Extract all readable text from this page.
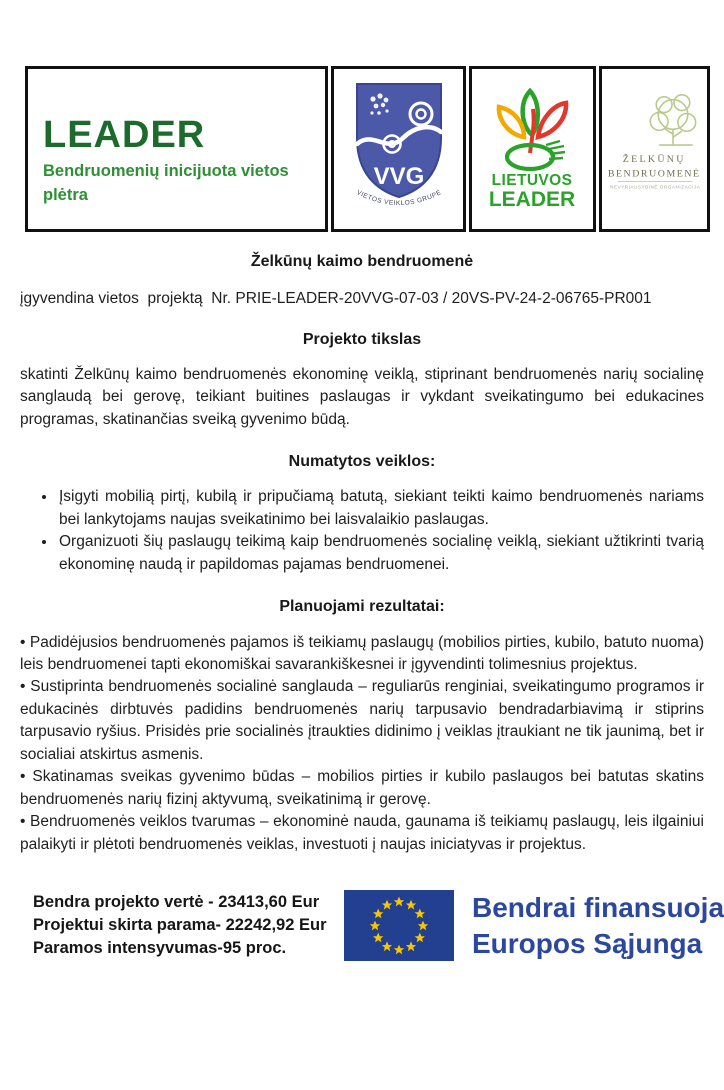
LEADER
Bendruomenių inicijuota vietos plėtra
VVG
VIETOS VEIKLOS GRUPĖ
LIETUVOS
LEADER
ŽELKŪNŲ
BENDRUOMENĖ
NEVYRIAUSYBINĖ ORGANIZACIJA
Želkūnų kaimo bendruomenė
įgyvendina vietos  projektą  Nr. PRIE-LEADER-20VVG-07-03 / 20VS-PV-24-2-06765-PR001
Projekto tikslas

skatinti Želkūnų kaimo bendruomenės ekonominę veiklą, stiprinant bendruomenės narių socialinę sanglaudą bei gerovę, teikiant buitines paslaugas ir vykdant sveikatingumo bei edukacines programas, skatinančias sveiką gyvenimo būdą.

Numatytos veiklos:
• Įsigyti mobilią pirtį, kubilą ir pripučiamą batutą, siekiant teikti kaimo bendruomenės nariams bei lankytojams naujas sveikatinimo bei laisvalaikio paslaugas.
• Organizuoti šių paslaugų teikimą kaip bendruomenės socialinę veiklą, siekiant užtikrinti tvarią ekonominę naudą ir papildomas pajamas bendruomenei.
Planuojami rezultatai:

• Padidėjusios bendruomenės pajamos iš teikiamų paslaugų (mobilios pirties, kubilo, batuto nuoma) leis bendruomenei tapti ekonomiškai savarankiškesnei ir įgyvendinti tolimesnius projektus.

• Sustiprinta bendruomenės socialinė sanglauda – reguliarūs renginiai, sveikatingumo programos ir edukacinės dirbtuvės padidins bendruomenės narių tarpusavio bendradarbiavimą ir stiprins tarpusavio ryšius. Prisidės prie socialinės įtraukties didinimo į veiklas įtraukiant ne tik jaunimą, bet ir socialiai atskirtus asmenis.

• Skatinamas sveikas gyvenimo būdas – mobilios pirties ir kubilo paslaugos bei batutas skatins bendruomenės narių fizinį aktyvumą, sveikatinimą ir gerovę.

• Bendruomenės veiklos tvarumas – ekonominė nauda, gaunama iš teikiamų paslaugų, leis ilgainiui palaikyti ir plėtoti bendruomenės veiklas, investuoti į naujas iniciatyvas ir projektus.

Bendra projekto vertė - 23413,60 Eur
Projektui skirta parama- 22242,92 Eur
Paramos intensyvumas-95 proc.
Bendrai finansuoja
Europos Sąjunga
